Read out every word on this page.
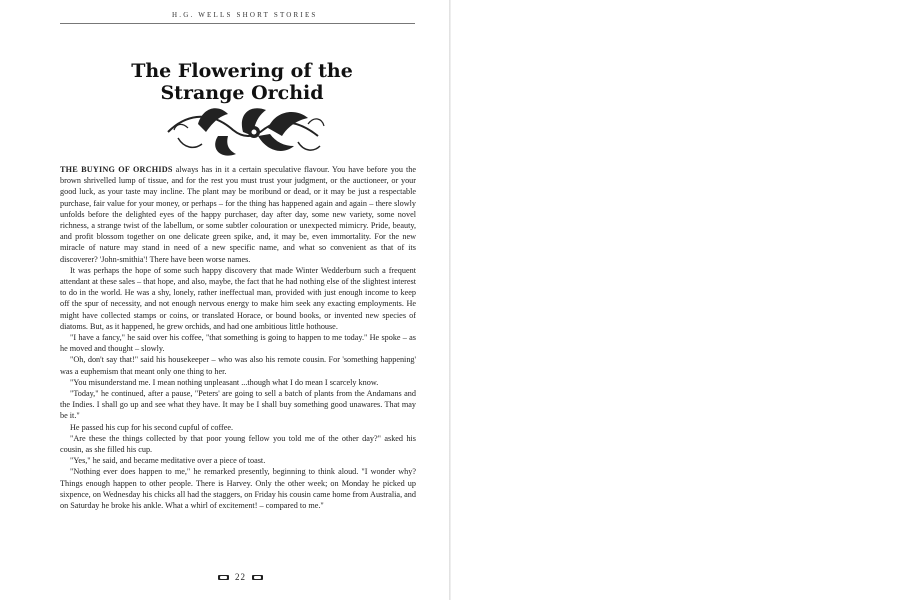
H.G. WELLS SHORT STORIES
The Flowering of the
Strange Orchid

THE BUYING OF ORCHIDS always has in it a certain speculative flavour. You have before you the brown shrivelled lump of tissue, and for the rest you must trust your judgment, or the auctioneer, or your good luck, as your taste may incline. The plant may be moribund or dead, or it may be just a respectable purchase, fair value for your money, or perhaps – for the thing has happened again and again – there slowly unfolds before the delighted eyes of the happy purchaser, day after day, some new variety, some novel richness, a strange twist of the labellum, or some subtler colouration or unexpected mimicry. Pride, beauty, and profit blossom together on one delicate green spike, and, it may be, even immortality. For the new miracle of nature may stand in need of a new specific name, and what so convenient as that of its discoverer? 'John-smithia'! There have been worse names.

It was perhaps the hope of some such happy discovery that made Winter Wedderburn such a frequent attendant at these sales – that hope, and also, maybe, the fact that he had nothing else of the slightest interest to do in the world. He was a shy, lonely, rather ineffectual man, provided with just enough income to keep off the spur of necessity, and not enough nervous energy to make him seek any exacting employments. He might have collected stamps or coins, or translated Horace, or bound books, or invented new species of diatoms. But, as it happened, he grew orchids, and had one ambitious little hothouse.

"I have a fancy," he said over his coffee, "that something is going to happen to me today." He spoke – as he moved and thought – slowly.

"Oh, don't say that!" said his housekeeper – who was also his remote cousin. For 'something happening' was a euphemism that meant only one thing to her.

"You misunderstand me. I mean nothing unpleasant ...though what I do mean I scarcely know.

"Today," he continued, after a pause, "Peters' are going to sell a batch of plants from the Andamans and the Indies. I shall go up and see what they have. It may be I shall buy something good unawares. That may be it."

He passed his cup for his second cupful of coffee.

"Are these the things collected by that poor young fellow you told me of the other day?" asked his cousin, as she filled his cup.

"Yes," he said, and became meditative over a piece of toast.

"Nothing ever does happen to me," he remarked presently, beginning to think aloud. "I wonder why? Things enough happen to other people. There is Harvey. Only the other week; on Monday he picked up sixpence, on Wednesday his chicks all had the staggers, on Friday his cousin came home from Australia, and on Saturday he broke his ankle. What a whirl of excitement! – compared to me."

22
